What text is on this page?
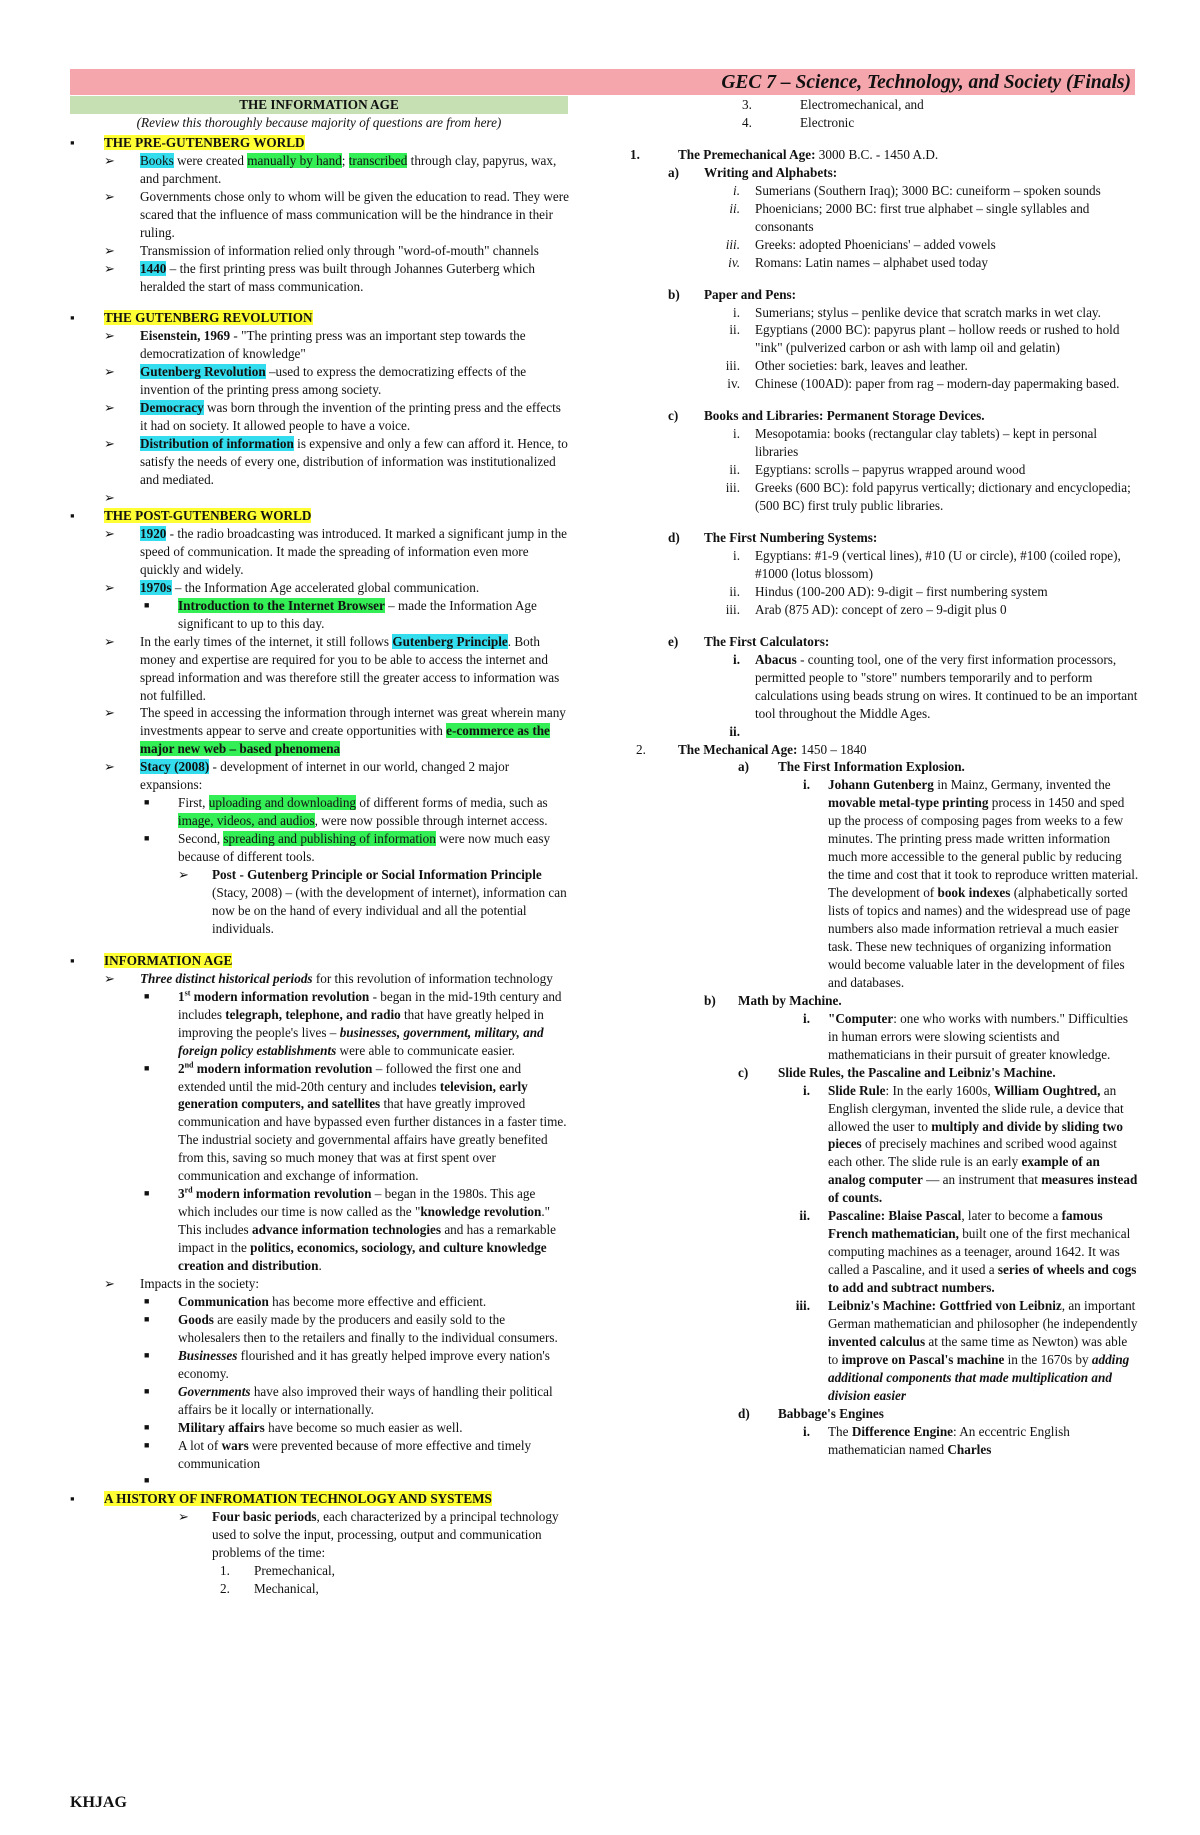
GEC 7 – Science, Technology, and Society (Finals)
THE INFORMATION AGE
(Review this thoroughly because majority of questions are from here)
▪ THE PRE-GUTENBERG WORLD
➢ Books were created manually by hand; transcribed through clay, papyrus, wax, and parchment.
➢ Governments chose only to whom will be given the education to read. They were scared that the influence of mass communication will be the hindrance in their ruling.
➢ Transmission of information relied only through "word-of-mouth" channels
➢ 1440 – the first printing press was built through Johannes Guterberg which heralded the start of mass communication.
▪ THE GUTENBERG REVOLUTION
➢ Eisenstein, 1969 - "The printing press was an important step towards the democratization of knowledge"
➢ Gutenberg Revolution –used to express the democratizing effects of the invention of the printing press among society.
➢ Democracy was born through the invention of the printing press and the effects it had on society. It allowed people to have a voice.
➢ Distribution of information is expensive and only a few can afford it. Hence, to satisfy the needs of every one, distribution of information was institutionalized and mediated.
➢

▪ THE POST-GUTENBERG WORLD
➢ 1920 - the radio broadcasting was introduced. It marked a significant jump in the speed of communication. It made the spreading of information even more quickly and widely.
➢ 1970s – the Information Age accelerated global communication.
■ Introduction to the Internet Browser – made the Information Age significant to up to this day.
➢ In the early times of the internet, it still follows Gutenberg Principle. Both money and expertise are required for you to be able to access the internet and spread information and was therefore still the greater access to information was not fulfilled.
➢ The speed in accessing the information through internet was great wherein many investments appear to serve and create opportunities with e-commerce as the major new web – based phenomena
➢ Stacy (2008) - development of internet in our world, changed 2 major expansions:
■ First, uploading and downloading of different forms of media, such as image, videos, and audios, were now possible through internet access.
■ Second, spreading and publishing of information were now much easy because of different tools.
➢ Post - Gutenberg Principle or Social Information Principle (Stacy, 2008) – (with the development of internet), information can now be on the hand of every individual and all the potential individuals.
▪ INFORMATION AGE
➢ Three distinct historical periods for this revolution of information technology
■ 1st modern information revolution - began in the mid-19th century and includes telegraph, telephone, and radio that have greatly helped in improving the people's lives – businesses, government, military, and foreign policy establishments were able to communicate easier.
■ 2nd modern information revolution – followed the first one and extended until the mid-20th century and includes television, early generation computers, and satellites that have greatly improved communication and have bypassed even further distances in a faster time. The industrial society and governmental affairs have greatly benefited from this, saving so much money that was at first spent over communication and exchange of information.
■ 3rd modern information revolution – began in the 1980s. This age which includes our time is now called as the "knowledge revolution." This includes advance information technologies and has a remarkable impact in the politics, economics, sociology, and culture knowledge creation and distribution.
➢ Impacts in the society:
■ Communication has become more effective and efficient.
■ Goods are easily made by the producers and easily sold to the wholesalers then to the retailers and finally to the individual consumers.
■ Businesses flourished and it has greatly helped improve every nation's economy.
■ Governments have also improved their ways of handling their political affairs be it locally or internationally.
■ Military affairs have become so much easier as well.
■ A lot of wars were prevented because of more effective and timely communication
■

▪ A HISTORY OF INFROMATION TECHNOLOGY AND SYSTEMS
➢ Four basic periods, each characterized by a principal technology used to solve the input, processing, output and communication problems of the time:
1. Premechanical,
2. Mechanical,
3.	Electromechanical, and
4.	Electronic
1.	The Premechanical Age: 3000 B.C. - 1450 A.D.
a) Writing and Alphabets:
i. Sumerians (Southern Iraq); 3000 BC: cuneiform – spoken sounds
ii. Phoenicians; 2000 BC: first true alphabet – single syllables and consonants
iii. Greeks: adopted Phoenicians' – added vowels
iv. Romans: Latin names – alphabet used today
b) Paper and Pens:
i. Sumerians; stylus – penlike device that scratch marks in wet clay.
ii. Egyptians (2000 BC): papyrus plant – hollow reeds or rushed to hold "ink" (pulverized carbon or ash with lamp oil and gelatin)
iii. Other societies: bark, leaves and leather.
iv. Chinese (100AD): paper from rag – modern-day papermaking based.
c) Books and Libraries: Permanent Storage Devices.
i. Mesopotamia: books (rectangular clay tablets) – kept in personal libraries
ii. Egyptians: scrolls – papyrus wrapped around wood
iii. Greeks (600 BC): fold papyrus vertically; dictionary and encyclopedia; (500 BC) first truly public libraries.
d) The First Numbering Systems:
i. Egyptians: #1-9 (vertical lines), #10 (U or circle), #100 (coiled rope), #1000 (lotus blossom)
ii. Hindus (100-200 AD): 9-digit – first numbering system
iii. Arab (875 AD): concept of zero – 9-digit plus 0
e) The First Calculators:
i. Abacus - counting tool, one of the very first information processors, permitted people to "store" numbers temporarily and to perform calculations using beads strung on wires. It continued to be an important tool throughout the Middle Ages.
ii.

2. The Mechanical Age: 1450 – 1840
a) The First Information Explosion.
i. Johann Gutenberg in Mainz, Germany, invented the movable metal-type printing process in 1450 and sped up the process of composing pages from weeks to a few minutes. The printing press made written information much more accessible to the general public by reducing the time and cost that it took to reproduce written material. The development of book indexes (alphabetically sorted lists of topics and names) and the widespread use of page numbers also made information retrieval a much easier task. These new techniques of organizing information would become valuable later in the development of files and databases.
b) Math by Machine.
i. "Computer: one who works with numbers." Difficulties in human errors were slowing scientists and mathematicians in their pursuit of greater knowledge.
c) Slide Rules, the Pascaline and Leibniz's Machine.
i. Slide Rule: In the early 1600s, William Oughtred, an English clergyman, invented the slide rule, a device that allowed the user to multiply and divide by sliding two pieces of precisely machines and scribed wood against each other. The slide rule is an early example of an analog computer — an instrument that measures instead of counts.
ii. Pascaline: Blaise Pascal, later to become a famous French mathematician, built one of the first mechanical computing machines as a teenager, around 1642. It was called a Pascaline, and it used a series of wheels and cogs to add and subtract numbers.
iii. Leibniz's Machine: Gottfried von Leibniz, an important German mathematician and philosopher (he independently invented calculus at the same time as Newton) was able to improve on Pascal's machine in the 1670s by adding additional components that made multiplication and division easier
d) Babbage's Engines
i. The Difference Engine: An eccentric English mathematician named Charles
KHJAG
